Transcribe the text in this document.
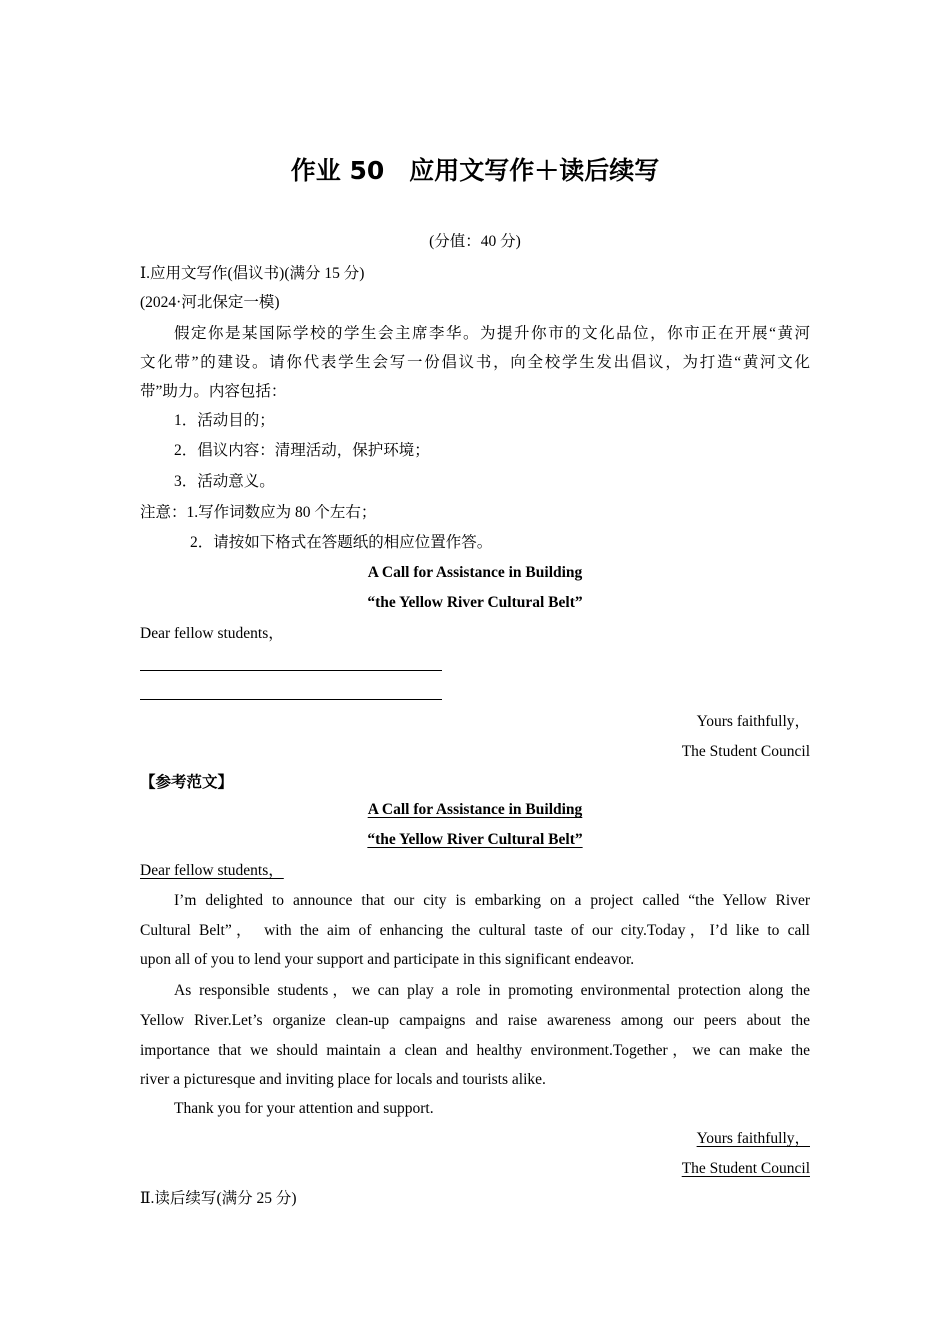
作业 50　应用文写作＋读后续写
(分值：40 分)
Ⅰ.应用文写作(倡议书)(满分 15 分)
(2024·河北保定一模)
假定你是某国际学校的学生会主席李华。为提升你市的文化品位，你市正在开展“黄河
文化带”的建设。请你代表学生会写一份倡议书，向全校学生发出倡议，为打造“黄河文化
带”助力。内容包括：
1．活动目的；
2．倡议内容：清理活动，保护环境；
3．活动意义。
注意：1.写作词数应为 80 个左右；
2．请按如下格式在答题纸的相应位置作答。
A Call for Assistance in Building
“the Yellow River Cultural Belt”
Dear fellow students，
Yours faithfully，
The Student Council
【参考范文】
A Call for Assistance in Building
“the Yellow River Cultural Belt”
Dear fellow students，
I’m delighted to announce that our city is embarking on a project called “the Yellow River
Cultural Belt”， with the aim of enhancing the cultural taste of our city.Today，I’d like to call
upon all of you to lend your support and participate in this significant endeavor.
As responsible students，we can play a role in promoting environmental protection along the
Yellow River.Let’s organize clean-up campaigns and raise awareness among our peers about the
importance that we should maintain a clean and healthy environment.Together，we can make the
river a picturesque and inviting place for locals and tourists alike.
Thank you for your attention and support.
Yours faithfully，
The Student Council
Ⅱ.读后续写(满分 25 分)
